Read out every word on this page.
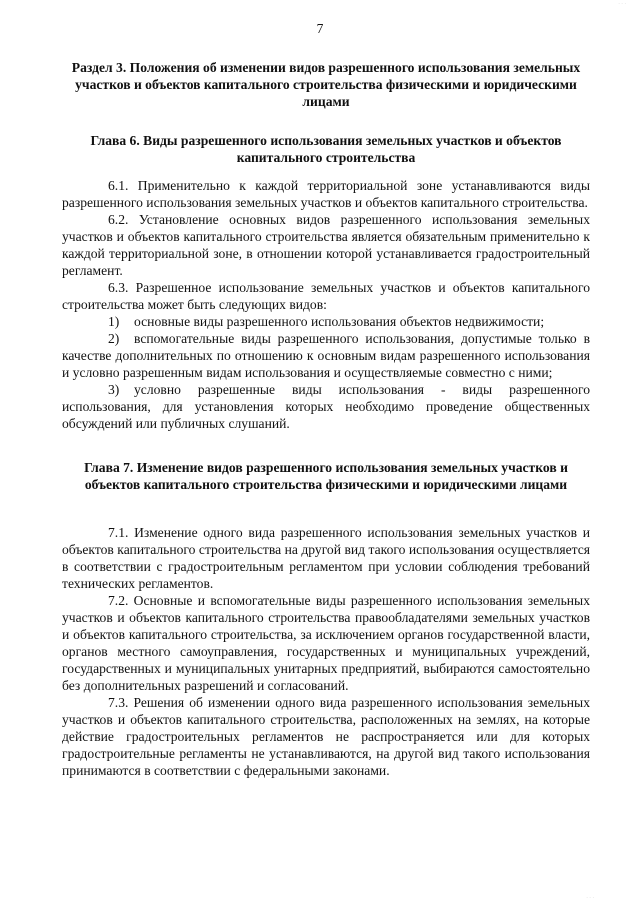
· · ·
7

Раздел 3. Положения об изменении видов разрешенного использования земельных участков и объектов капитального строительства физическими и юридическими лицами

Глава 6. Виды разрешенного использования земельных участков и объектов капитального строительства

6.1. Применительно к каждой территориальной зоне устанавливаются виды разрешенного использования земельных участков и объектов капитального строительства.

6.2. Установление основных видов разрешенного использования земельных участков и объектов капитального строительства является обязательным применительно к каждой территориальной зоне, в отношении которой устанавливается градостроительный регламент.

6.3. Разрешенное использование земельных участков и объектов капитального строительства может быть следующих видов:

1) основные виды разрешенного использования объектов недвижимости;

2) вспомогательные виды разрешенного использования, допустимые только в качестве дополнительных по отношению к основным видам разрешенного использования и условно разрешенным видам использования и осуществляемые совместно с ними;

3) условно разрешенные виды использования - виды разрешенного использования, для установления которых необходимо проведение общественных обсуждений или публичных слушаний.

Глава 7. Изменение видов разрешенного использования земельных участков и объектов капитального строительства физическими и юридическими лицами

7.1. Изменение одного вида разрешенного использования земельных участков и объектов капитального строительства на другой вид такого использования осуществляется в соответствии с градостроительным регламентом при условии соблюдения требований технических регламентов.

7.2. Основные и вспомогательные виды разрешенного использования земельных участков и объектов капитального строительства правообладателями земельных участков и объектов капитального строительства, за исключением органов государственной власти, органов местного самоуправления, государственных и муниципальных учреждений, государственных и муниципальных унитарных предприятий, выбираются самостоятельно без дополнительных разрешений и согласований.

7.3. Решения об изменении одного вида разрешенного использования земельных участков и объектов капитального строительства, расположенных на землях, на которые действие градостроительных регламентов не распространяется или для которых градостроительные регламенты не устанавливаются, на другой вид такого использования принимаются в соответствии с федеральными законами.

· · ·
